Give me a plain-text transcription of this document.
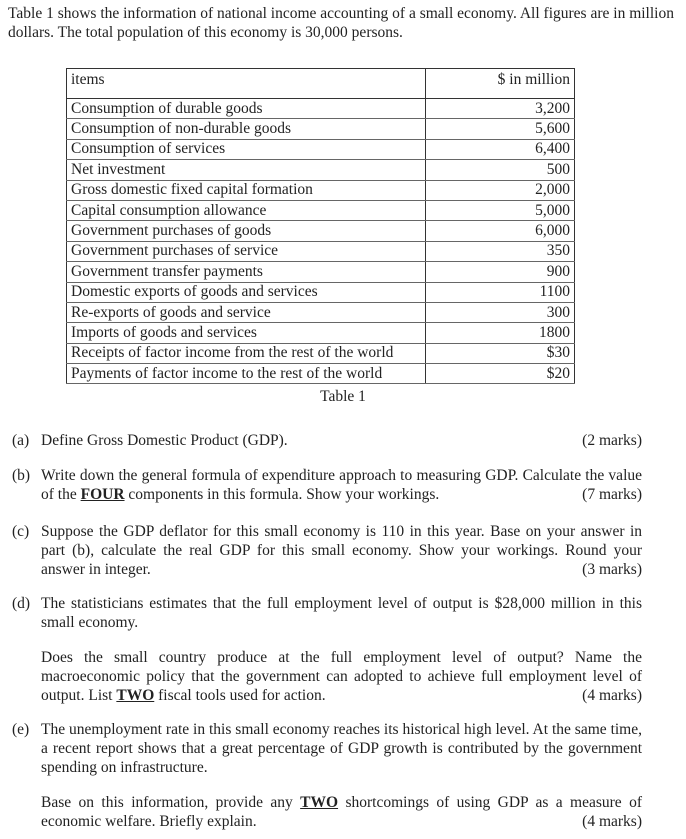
Table 1 shows the information of national income accounting of a small economy. All figures are in million dollars. The total population of this economy is 30,000 persons.
items	$ in million
Consumption of durable goods	3,200
Consumption of non-durable goods	5,600
Consumption of services	6,400
Net investment	500
Gross domestic fixed capital formation	2,000
Capital consumption allowance	5,000
Government purchases of goods	6,000
Government purchases of service	350
Government transfer payments	900
Domestic exports of goods and services	1100
Re-exports of goods and service	300
Imports of goods and services	1800
Receipts of factor income from the rest of the world	$30
Payments of factor income to the rest of the world	$20
Table 1
(a)	(2 marks)
Define Gross Domestic Product (GDP).
(b) Write down the general formula of expenditure approach to measuring GDP. Calculate the value of the FOUR components in this formula. Show your workings.	(7 marks)
(c) Suppose the GDP deflator for this small economy is 110 in this year. Base on your answer in part (b), calculate the real GDP for this small economy. Show your workings. Round your answer in integer.	(3 marks)
(d) The statisticians estimates that the full employment level of output is $28,000 million in this small economy.
Does the small country produce at the full employment level of output? Name the macroeconomic policy that the government can adopted to achieve full employment level of output. List TWO fiscal tools used for action.	(4 marks)
(e) The unemployment rate in this small economy reaches its historical high level. At the same time, a recent report shows that a great percentage of GDP growth is contributed by the government spending on infrastructure.
Base on this information, provide any TWO shortcomings of using GDP as a measure of economic welfare. Briefly explain.	(4 marks)
